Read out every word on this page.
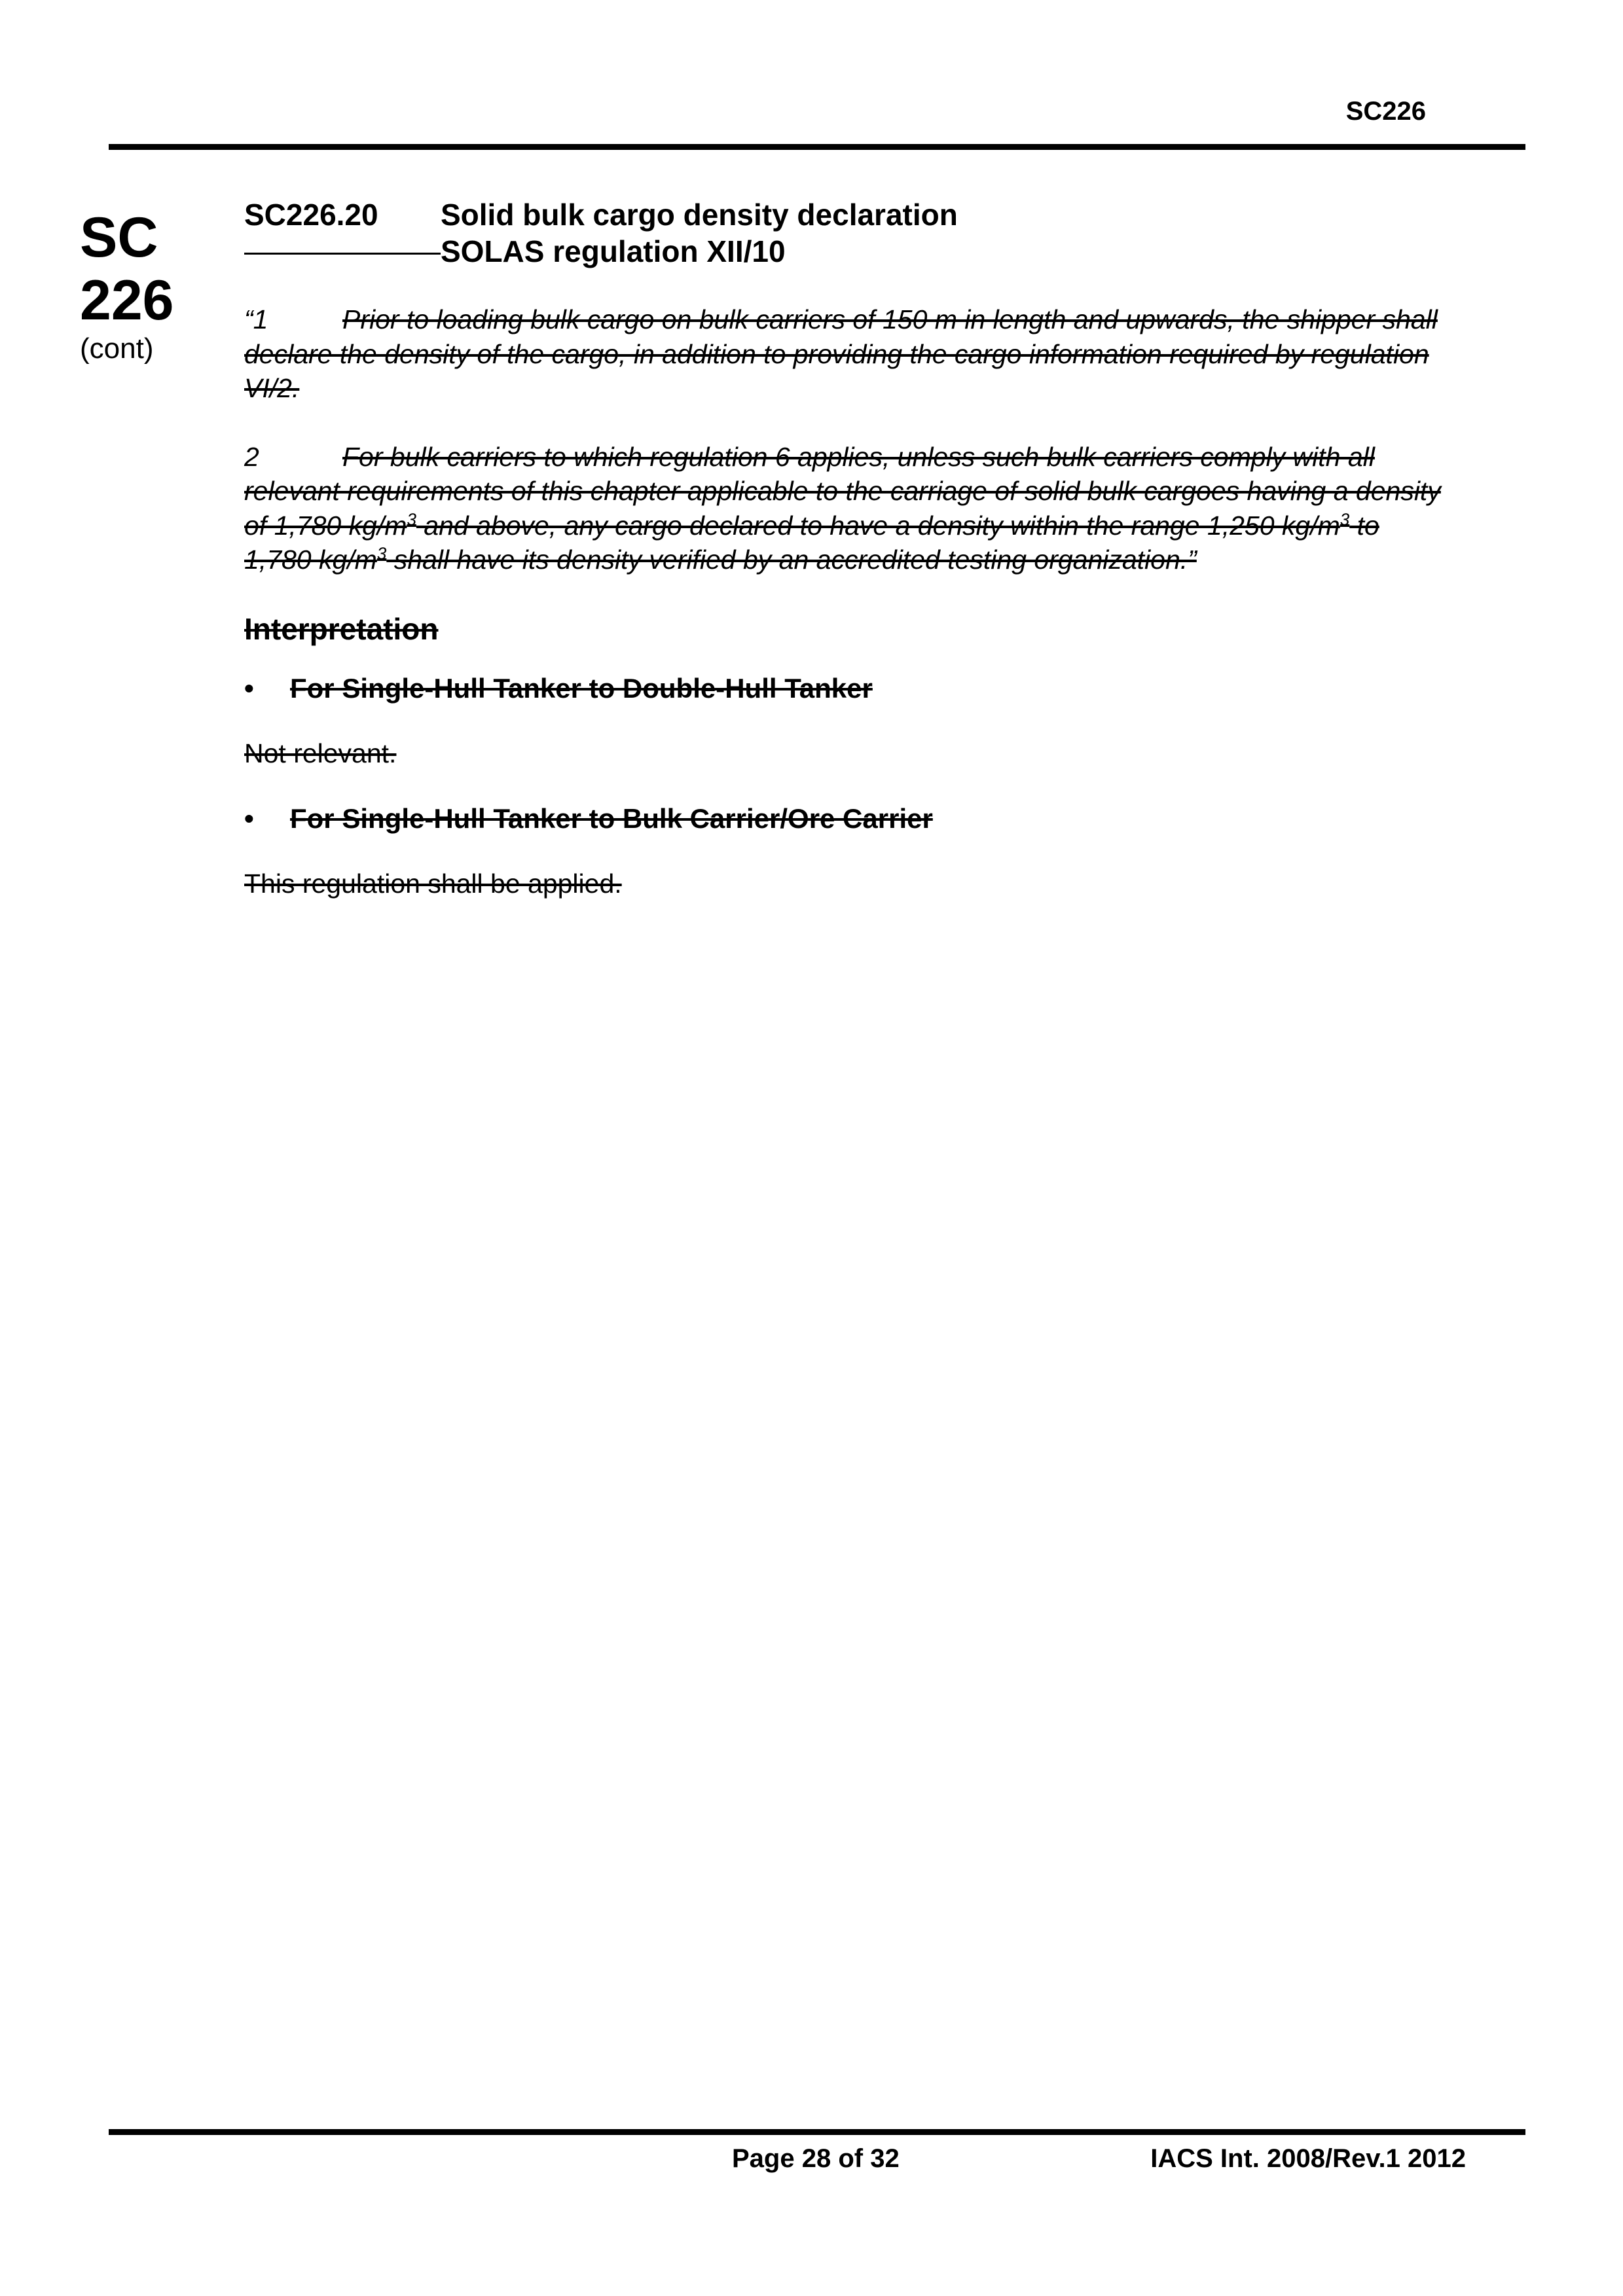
SC226
SC
226
(cont)
SC226.20 Solid bulk cargo density declaration
SOLAS regulation XII/10

“1	Prior to loading bulk cargo on bulk carriers of 150 m in length and upwards, the shipper shall declare the density of the cargo, in addition to providing the cargo information required by regulation VI/2.

2	For bulk carriers to which regulation 6 applies, unless such bulk carriers comply with all relevant requirements of this chapter applicable to the carriage of solid bulk cargoes having a density of 1,780 $kg/m^3$ and above, any cargo declared to have a density within the range 1,250 $kg/m^3$ to 1,780 $kg/m^3$ shall have its density verified by an accredited testing organization.”

Interpretation
• For Single-Hull Tanker to Double-Hull Tanker
Not relevant.
• For Single-Hull Tanker to Bulk Carrier/Ore Carrier
This regulation shall be applied.
Page 28 of 32	IACS Int. 2008/Rev.1 2012
